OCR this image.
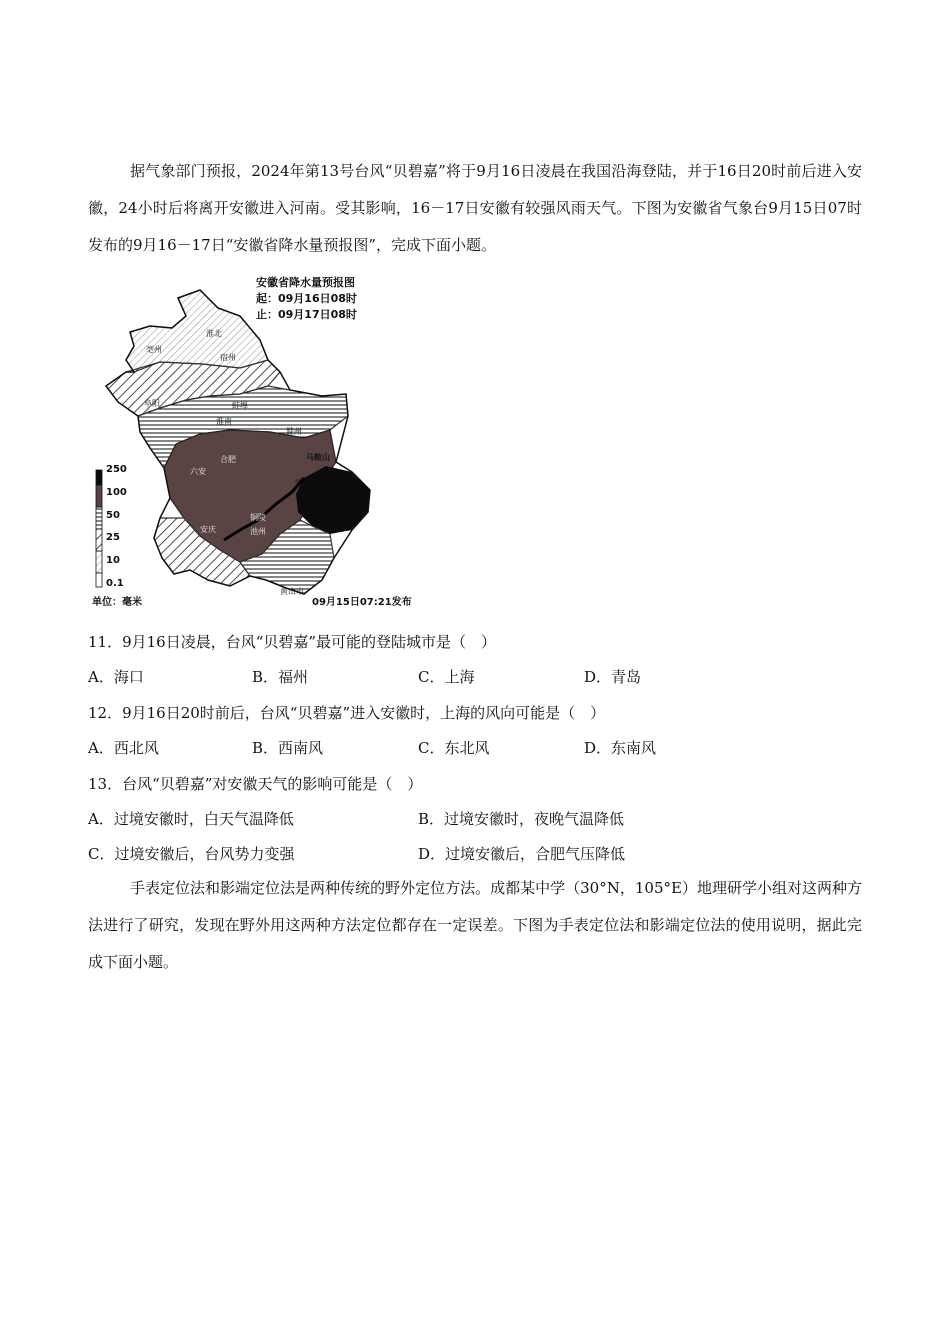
据气象部门预报，2024年第13号台风“贝碧嘉”将于9月16日凌晨在我国沿海登陆，并于16日20时前后进入安徽，24小时后将离开安徽进入河南。受其影响，16－17日安徽有较强风雨天气。下图为安徽省气象台9月15日07时发布的9月16－17日“安徽省降水量预报图”，完成下面小题。

安徽省降水量预报图
起：09月16日08时
止：09月17日08时
250
100
50
25
10
0.1
单位：毫米	09月15日07:21发布
淮北
宿州
亳州
阜阳	蚌埠
淮南
滁州
合肥
六安
马鞍山
芜湖
铜陵
池州
安庆
黄山市

11．9月16日凌晨，台风“贝碧嘉”最可能的登陆城市是（　）

A．海口	B．福州	C．上海	D．青岛

12．9月16日20时前后，台风“贝碧嘉”进入安徽时，上海的风向可能是（　）

A．西北风	B．西南风	C．东北风	D．东南风

13．台风“贝碧嘉”对安徽天气的影响可能是（　）

A．过境安徽时，白天气温降低	B．过境安徽时，夜晚气温降低

C．过境安徽后，台风势力变强	D．过境安徽后，合肥气压降低

手表定位法和影端定位法是两种传统的野外定位方法。成都某中学（30°N，105°E）地理研学小组对这两种方法进行了研究，发现在野外用这两种方法定位都存在一定误差。下图为手表定位法和影端定位法的使用说明，据此完成下面小题。
